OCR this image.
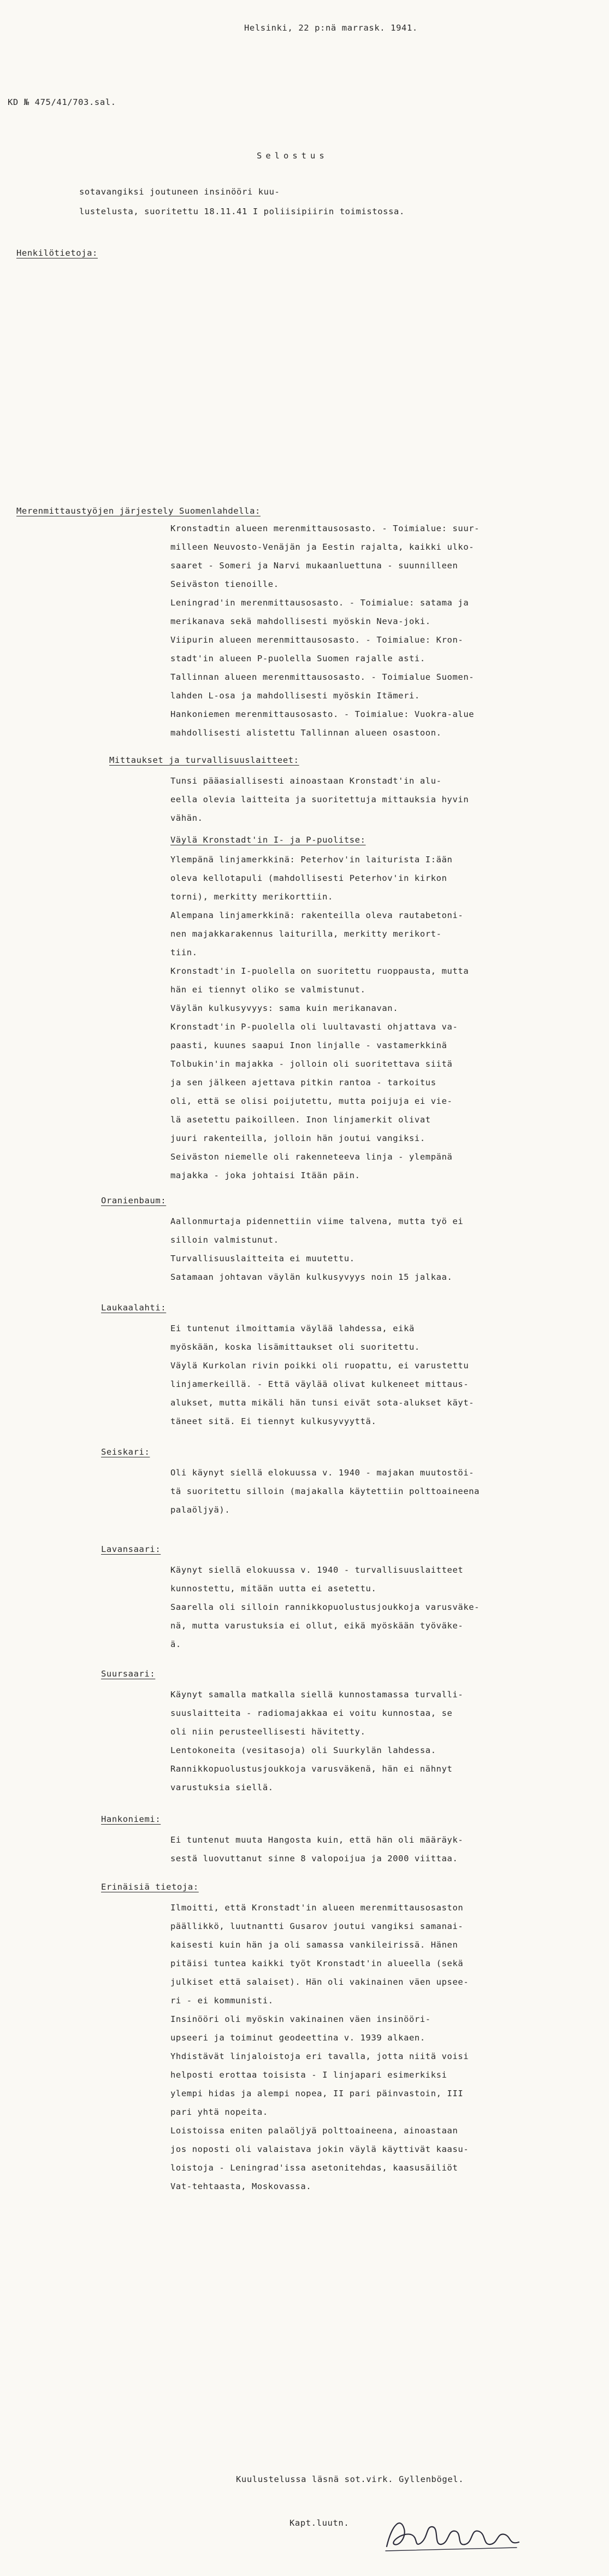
Helsinki, 22 p:nä marrask. 1941.
KD № 475/41/703.sal.
Selostus
sotavangiksi joutuneen insinööri kuu-
lustelusta, suoritettu 18.11.41 I poliisipiirin toimistossa.
Henkilötietoja:
Merenmittaustyöjen järjestely Suomenlahdella:
Kronstadtin alueen merenmittausosasto. - Toimialue: suur-
milleen Neuvosto-Venäjän ja Eestin rajalta, kaikki ulko-
saaret - Someri ja Narvi mukaanluettuna - suunnilleen
Seiväston tienoille.
Leningrad'in merenmittausosasto. - Toimialue: satama ja
merikanava sekä mahdollisesti myöskin Neva-joki.
Viipurin alueen merenmittausosasto. - Toimialue: Kron-
stadt'in alueen P-puolella Suomen rajalle asti.
Tallinnan alueen merenmittausosasto. - Toimialue Suomen-
lahden L-osa ja mahdollisesti myöskin Itämeri.
Hankoniemen merenmittausosasto. - Toimialue: Vuokra-alue
mahdollisesti alistettu Tallinnan alueen osastoon.
Mittaukset ja turvallisuuslaitteet:
Tunsi pääasiallisesti ainoastaan Kronstadt'in alu-
eella olevia laitteita ja suoritettuja mittauksia hyvin
vähän.
Väylä Kronstadt'in I- ja P-puolitse:
Ylempänä linjamerkkinä: Peterhov'in laiturista I:ään
oleva kellotapuli (mahdollisesti Peterhov'in kirkon
torni), merkitty merikorttiin.
Alempana linjamerkkinä: rakenteilla oleva rautabetoni-
nen majakkarakennus laiturilla, merkitty merikort-
tiin.
Kronstadt'in I-puolella on suoritettu ruoppausta, mutta
hän ei tiennyt oliko se valmistunut.
Väylän kulkusyvyys: sama kuin merikanavan.
Kronstadt'in P-puolella oli luultavasti ohjattava va-
paasti, kuunes saapui Inon linjalle - vastamerkkinä
Tolbukin'in majakka - jolloin oli suoritettava siitä
ja sen jälkeen ajettava pitkin rantoa - tarkoitus
oli, että se olisi poijutettu, mutta poijuja ei vie-
lä asetettu paikoilleen. Inon linjamerkit olivat
juuri rakenteilla, jolloin hän joutui vangiksi.
Seiväston niemelle oli rakenneteeva linja - ylempänä
majakka - joka johtaisi Itään päin.
Oranienbaum:
Aallonmurtaja pidennettiin viime talvena, mutta työ ei
silloin valmistunut.
Turvallisuuslaitteita ei muutettu.
Satamaan johtavan väylän kulkusyvyys noin 15 jalkaa.
Laukaalahti:
Ei tuntenut ilmoittamia väylää lahdessa, eikä
myöskään, koska lisämittaukset oli suoritettu.
Väylä Kurkolan rivin poikki oli ruopattu, ei varustettu
linjamerkeillä. - Että väylää olivat kulkeneet mittaus-
alukset, mutta mikäli hän tunsi eivät sota-alukset käyt-
täneet sitä. Ei tiennyt kulkusyvyyttä.
Seiskari:
Oli käynyt siellä elokuussa v. 1940 - majakan muutostöi-
tä suoritettu silloin (majakalla käytettiin polttoaineena
palaöljyä).
Lavansaari:
Käynyt siellä elokuussa v. 1940 - turvallisuuslaitteet
kunnostettu, mitään uutta ei asetettu.
Saarella oli silloin rannikkopuolustusjoukkoja varusväke-
nä, mutta varustuksia ei ollut, eikä myöskään työväke-
ä.
Suursaari:
Käynyt samalla matkalla siellä kunnostamassa turvalli-
suuslaitteita - radiomajakkaa ei voitu kunnostaa, se
oli niin perusteellisesti hävitetty.
Lentokoneita (vesitasoja) oli Suurkylän lahdessa.
Rannikkopuolustusjoukkoja varusväkenä, hän ei nähnyt
varustuksia siellä.
Hankoniemi:
Ei tuntenut muuta Hangosta kuin, että hän oli määräyk-
sestä luovuttanut sinne 8 valopoijua ja 2000 viittaa.
Erinäisiä tietoja:
Ilmoitti, että Kronstadt'in alueen merenmittausosaston
päällikkö, luutnantti Gusarov joutui vangiksi samanai-
kaisesti kuin hän ja oli samassa vankileirissä. Hänen
pitäisi tuntea kaikki työt Kronstadt'in alueella (sekä
julkiset että salaiset). Hän oli vakinainen väen upsee-
ri - ei kommunisti.
Insinööri oli myöskin vakinainen väen insinööri-
upseeri ja toiminut geodeettina v. 1939 alkaen.
Yhdistävät linjaloistoja eri tavalla, jotta niitä voisi
helposti erottaa toisista - I linjapari esimerkiksi
ylempi hidas ja alempi nopea, II pari päinvastoin, III
pari yhtä nopeita.
Loistoissa eniten palaöljyä polttoaineena, ainoastaan
jos noposti oli valaistava jokin väylä käyttivät kaasu-
loistoja - Leningrad'issa asetonitehdas, kaasusäiliöt
Vat-tehtaasta, Moskovassa.
Kuulustelussa läsnä sot.virk. Gyllenbögel.
Kapt.luutn.
